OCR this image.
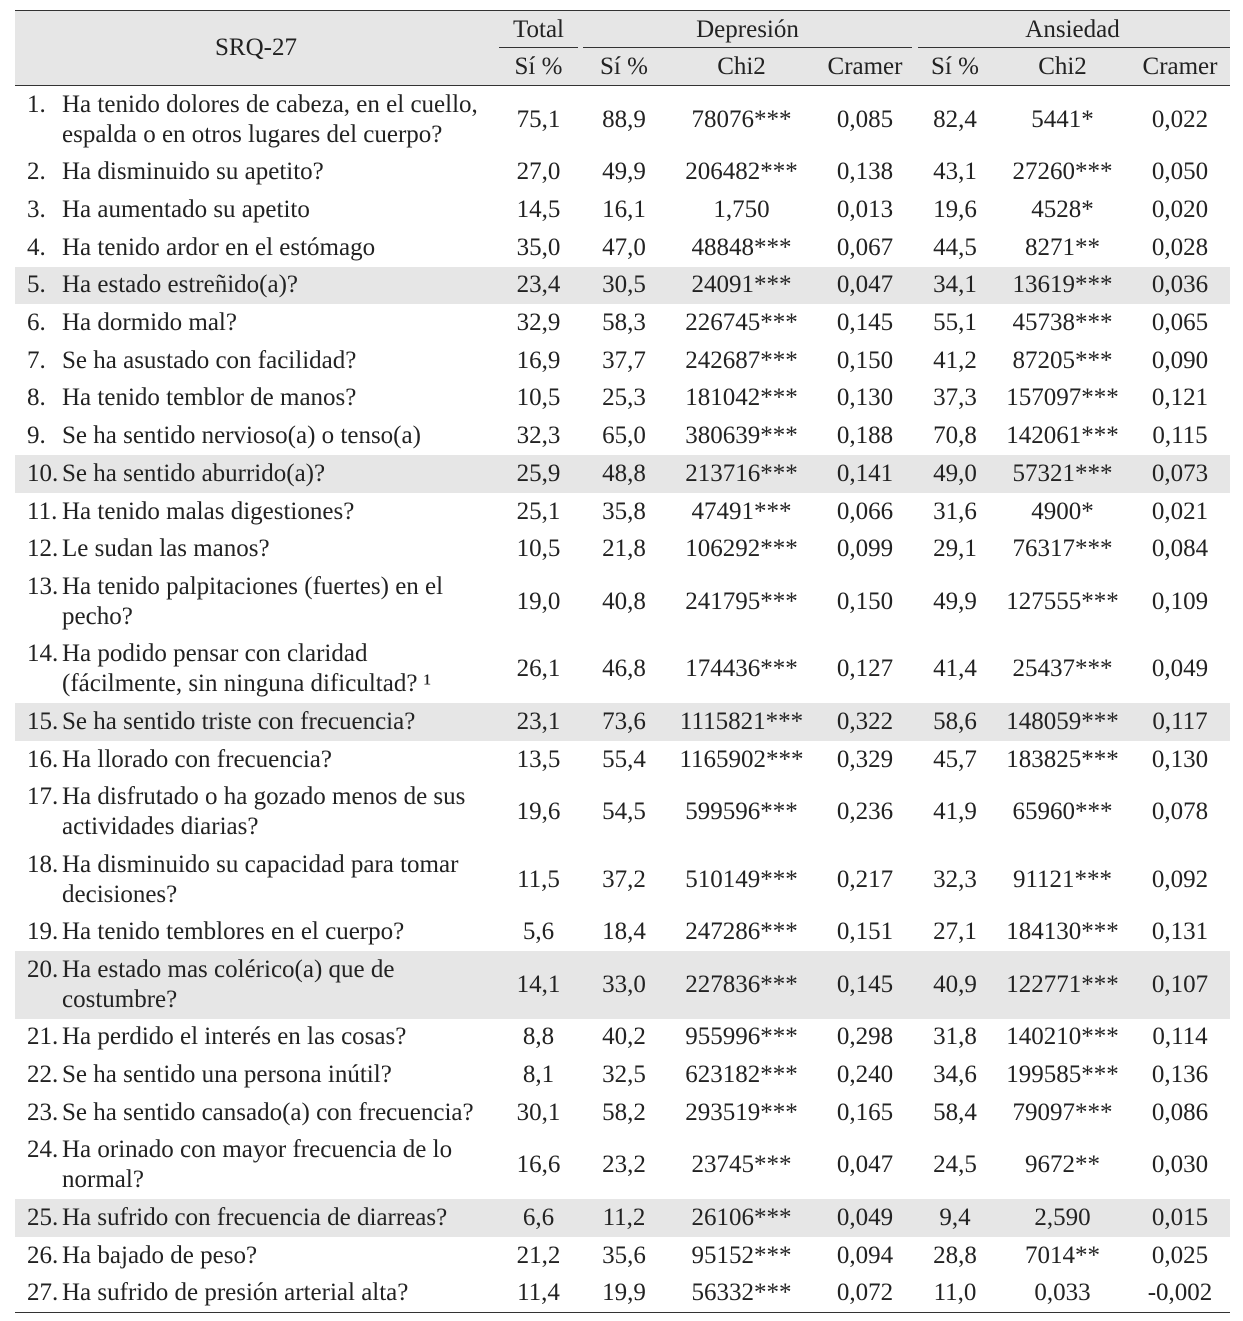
SRQ-27
Total	Depresión	Ansiedad
Sí %	Sí %	Chi2	Cramer	Sí %	Chi2	Cramer
1. Ha tenido dolores de cabeza, en el cuello,
espalda o en otros lugares del cuerpo?
75,1	88,9	78076***	0,085	82,4	5441*	0,022
2. Ha disminuido su apetito?	27,0	49,9	206482***	0,138	43,1	27260***	0,050
3. Ha aumentado su apetito	14,5	16,1	1,750	0,013	19,6	4528*	0,020
4. Ha tenido ardor en el estómago	35,0	47,0	48848***	0,067	44,5	8271**	0,028
5. Ha estado estreñido(a)?	23,4	30,5	24091***	0,047	34,1	13619***	0,036
6. Ha dormido mal?	32,9	58,3	226745***	0,145	55,1	45738***	0,065
7. Se ha asustado con facilidad?	16,9	37,7	242687***	0,150	41,2	87205***	0,090
8. Ha tenido temblor de manos?	10,5	25,3	181042***	0,130	37,3	157097***	0,121
9. Se ha sentido nervioso(a) o tenso(a)	32,3	65,0	380639***	0,188	70,8	142061***	0,115
10. Se ha sentido aburrido(a)?	25,9	48,8	213716***	0,141	49,0	57321***	0,073
11. Ha tenido malas digestiones?	25,1	35,8	47491***	0,066	31,6	4900*	0,021
12. Le sudan las manos?	10,5	21,8	106292***	0,099	29,1	76317***	0,084
13. Ha tenido palpitaciones (fuertes) en el
pecho?
19,0	40,8	241795***	0,150	49,9	127555***	0,109
14. Ha podido pensar con claridad
(fácilmente, sin ninguna dificultad? ¹
26,1	46,8	174436***	0,127	41,4	25437***	0,049
15. Se ha sentido triste con frecuencia?	23,1	73,6	1115821***	0,322	58,6	148059***	0,117
16. Ha llorado con frecuencia?	13,5	55,4	1165902***	0,329	45,7	183825***	0,130
17. Ha disfrutado o ha gozado menos de sus
actividades diarias?
19,6	54,5	599596***	0,236	41,9	65960***	0,078
18. Ha disminuido su capacidad para tomar
decisiones?
11,5	37,2	510149***	0,217	32,3	91121***	0,092
19. Ha tenido temblores en el cuerpo?	5,6	18,4	247286***	0,151	27,1	184130***	0,131
20. Ha estado mas colérico(a) que de
costumbre?
14,1	33,0	227836***	0,145	40,9	122771***	0,107
21. Ha perdido el interés en las cosas?	8,8	40,2	955996***	0,298	31,8	140210***	0,114
22. Se ha sentido una persona inútil?	8,1	32,5	623182***	0,240	34,6	199585***	0,136
23. Se ha sentido cansado(a) con frecuencia?	30,1	58,2	293519***	0,165	58,4	79097***	0,086
24. Ha orinado con mayor frecuencia de lo
normal?
16,6	23,2	23745***	0,047	24,5	9672**	0,030
25. Ha sufrido con frecuencia de diarreas?	6,6	11,2	26106***	0,049	9,4	2,590	0,015
26. Ha bajado de peso?	21,2	35,6	95152***	0,094	28,8	7014**	0,025
27. Ha sufrido de presión arterial alta?	11,4	19,9	56332***	0,072	11,0	0,033	-0,002
